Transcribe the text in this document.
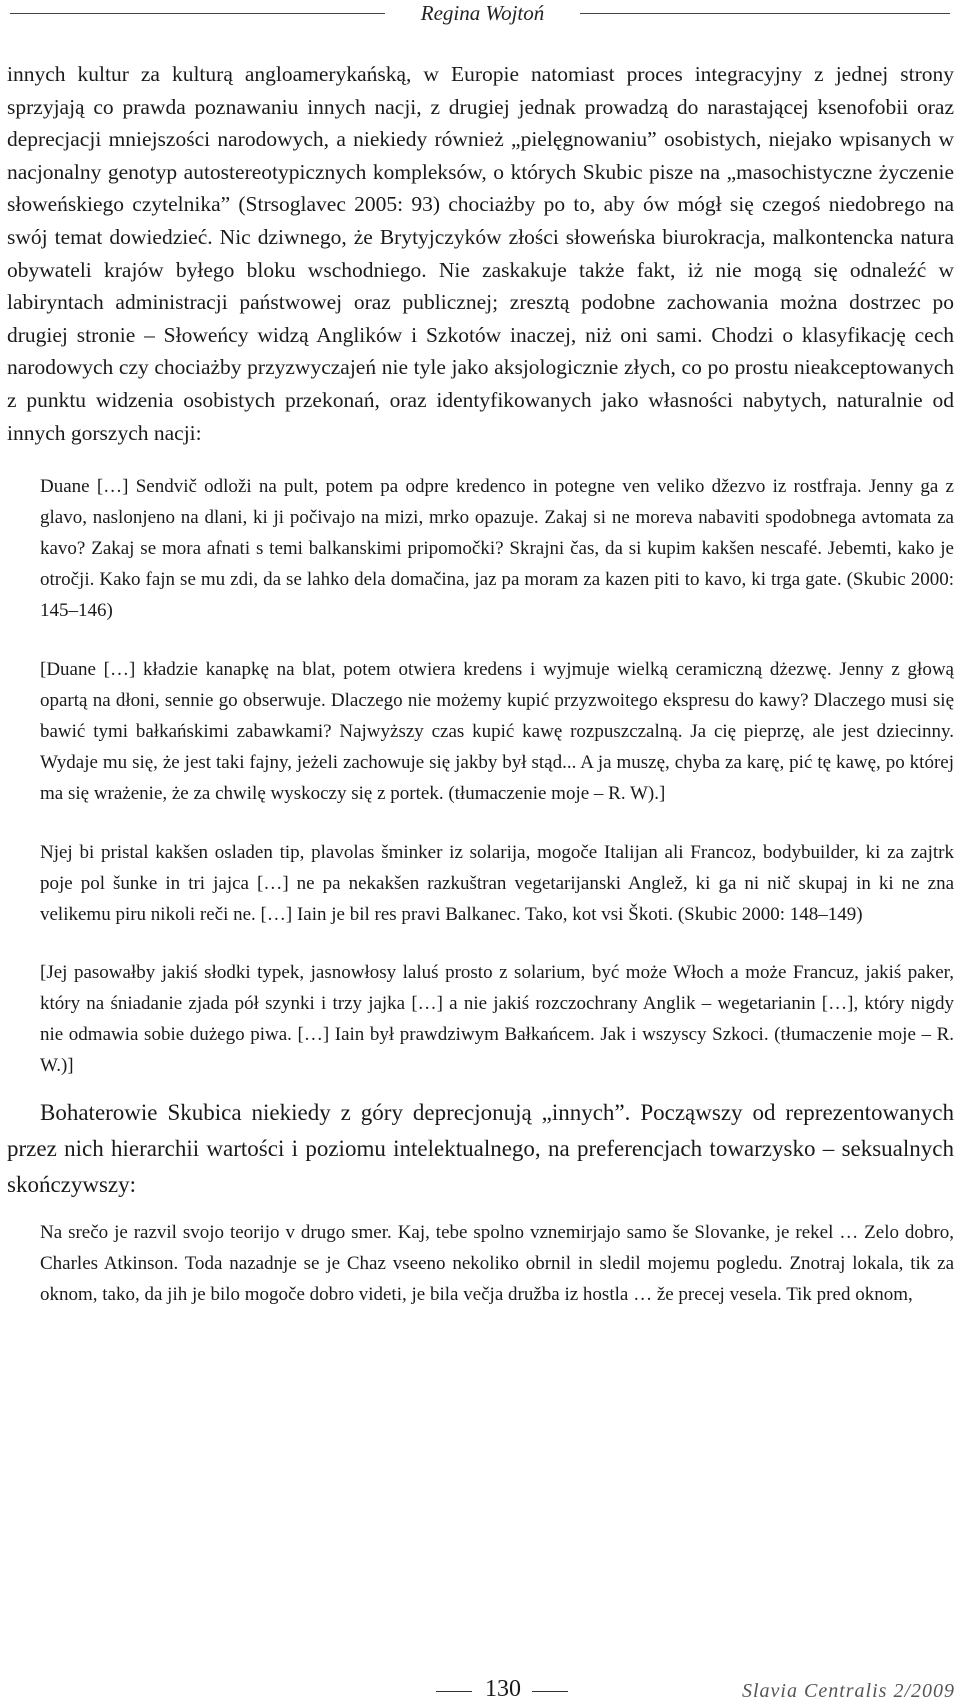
Regina Wojtoń

innych kultur za kulturą angloamerykańską, w Europie natomiast proces integracyjny z jednej strony sprzyjają co prawda poznawaniu innych nacji, z drugiej jednak prowadzą do narastającej ksenofobii oraz deprecjacji mniejszości narodowych, a niekiedy również „pielęgnowaniu” osobistych, niejako wpisanych w nacjonalny genotyp autostereotypicznych kompleksów, o których Skubic pisze na „masochistyczne życzenie słoweńskiego czytelnika” (Strsoglavec 2005: 93) chociażby po to, aby ów mógł się czegoś niedobrego na swój temat dowiedzieć. Nic dziwnego, że Brytyjczyków złości słoweńska biurokracja, malkontencka natura obywateli krajów byłego bloku wschodniego. Nie zaskakuje także fakt, iż nie mogą się odnaleźć w labiryntach administracji państwowej oraz publicznej; zresztą podobne zachowania można dostrzec po drugiej stronie – Słoweńcy widzą Anglików i Szkotów inaczej, niż oni sami. Chodzi o klasyfikację cech narodowych czy chociażby przyzwyczajeń nie tyle jako aksjologicznie złych, co po prostu nieakceptowanych z punktu widzenia osobistych przekonań, oraz identyfikowanych jako własności nabytych, naturalnie od innych gorszych nacji:

Duane […] Sendvič odloži na pult, potem pa odpre kredenco in potegne ven veliko džezvo iz rostfraja. Jenny ga z glavo, naslonjeno na dlani, ki ji počivajo na mizi, mrko opazuje. Zakaj si ne moreva nabaviti spodobnega avtomata za kavo? Zakaj se mora afnati s temi balkanskimi pripomočki? Skrajni čas, da si kupim kakšen nescafé. Jebemti, kako je otročji. Kako fajn se mu zdi, da se lahko dela domačina, jaz pa moram za kazen piti to kavo, ki trga gate. (Skubic 2000: 145–146)

[Duane […] kładzie kanapkę na blat, potem otwiera kredens i wyjmuje wielką ceramiczną dżezwę. Jenny z głową opartą na dłoni, sennie go obserwuje. Dlaczego nie możemy kupić przyzwoitego ekspresu do kawy? Dlaczego musi się bawić tymi bałkańskimi zabawkami? Najwyższy czas kupić kawę rozpuszczalną. Ja cię pieprzę, ale jest dziecinny. Wydaje mu się, że jest taki fajny, jeżeli zachowuje się jakby był stąd... A ja muszę, chyba za karę, pić tę kawę, po której ma się wrażenie, że za chwilę wyskoczy się z portek. (tłumaczenie moje – R. W).]

Njej bi pristal kakšen osladen tip, plavolas šminker iz solarija, mogoče Italijan ali Francoz, bodybuilder, ki za zajtrk poje pol šunke in tri jajca […] ne pa nekakšen razkuštran vegetarijanski Anglež, ki ga ni nič skupaj in ki ne zna velikemu piru nikoli reči ne. […] Iain je bil res pravi Balkanec. Tako, kot vsi Škoti. (Skubic 2000: 148–149)

[Jej pasowałby jakiś słodki typek, jasnowłosy laluś prosto z solarium, być może Włoch a może Francuz, jakiś paker, który na śniadanie zjada pół szynki i trzy jajka […] a nie jakiś rozczochrany Anglik – wegetarianin […], który nigdy nie odmawia sobie dużego piwa. […] Iain był prawdziwym Bałkańcem. Jak i wszyscy Szkoci. (tłumaczenie moje – R. W.)]

Bohaterowie Skubica niekiedy z góry deprecjonują „innych”. Począwszy od reprezentowanych przez nich hierarchii wartości i poziomu intelektualnego, na preferencjach towarzysko – seksualnych skończywszy:

Na srečo je razvil svojo teorijo v drugo smer. Kaj, tebe spolno vznemirjajo samo še Slovanke, je rekel … Zelo dobro, Charles Atkinson. Toda nazadnje se je Chaz vseeno nekoliko obrnil in sledil mojemu pogledu. Znotraj lokala, tik za oknom, tako, da jih je bilo mogoče dobro videti, je bila večja družba iz hostla … že precej vesela. Tik pred oknom,

130	Slavia Centralis 2/2009
